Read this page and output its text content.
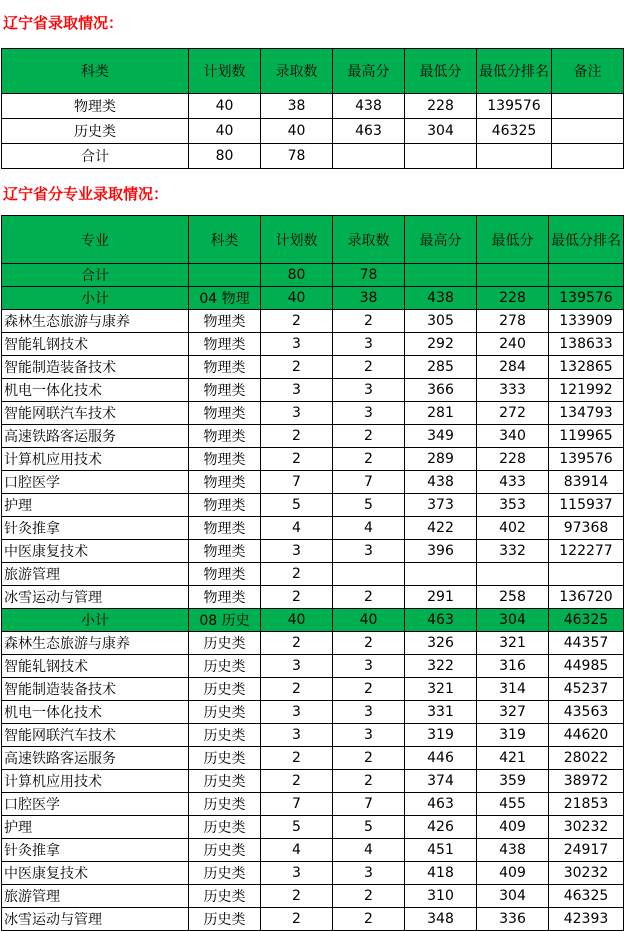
辽宁省录取情况：
科类	计划数	录取数	最高分	最低分	最低分排名	备注
物理类	40	38	438	228	139576	
历史类	40	40	463	304	46325	
合计	80	78				
辽宁省分专业录取情况：
专业	科类	计划数	录取数	最高分	最低分	最低分排名
合计		80	78			
小计	04 物理	40	38	438	228	139576
森林生态旅游与康养	物理类	2	2	305	278	133909
智能轧钢技术	物理类	3	3	292	240	138633
智能制造装备技术	物理类	2	2	285	284	132865
机电一体化技术	物理类	3	3	366	333	121992
智能网联汽车技术	物理类	3	3	281	272	134793
高速铁路客运服务	物理类	2	2	349	340	119965
计算机应用技术	物理类	2	2	289	228	139576
口腔医学	物理类	7	7	438	433	83914
护理	物理类	5	5	373	353	115937
针灸推拿	物理类	4	4	422	402	97368
中医康复技术	物理类	3	3	396	332	122277
旅游管理	物理类	2				
冰雪运动与管理	物理类	2	2	291	258	136720
小计	08 历史	40	40	463	304	46325
森林生态旅游与康养	历史类	2	2	326	321	44357
智能轧钢技术	历史类	3	3	322	316	44985
智能制造装备技术	历史类	2	2	321	314	45237
机电一体化技术	历史类	3	3	331	327	43563
智能网联汽车技术	历史类	3	3	319	319	44620
高速铁路客运服务	历史类	2	2	446	421	28022
计算机应用技术	历史类	2	2	374	359	38972
口腔医学	历史类	7	7	463	455	21853
护理	历史类	5	5	426	409	30232
针灸推拿	历史类	4	4	451	438	24917
中医康复技术	历史类	3	3	418	409	30232
旅游管理	历史类	2	2	310	304	46325
冰雪运动与管理	历史类	2	2	348	336	42393
